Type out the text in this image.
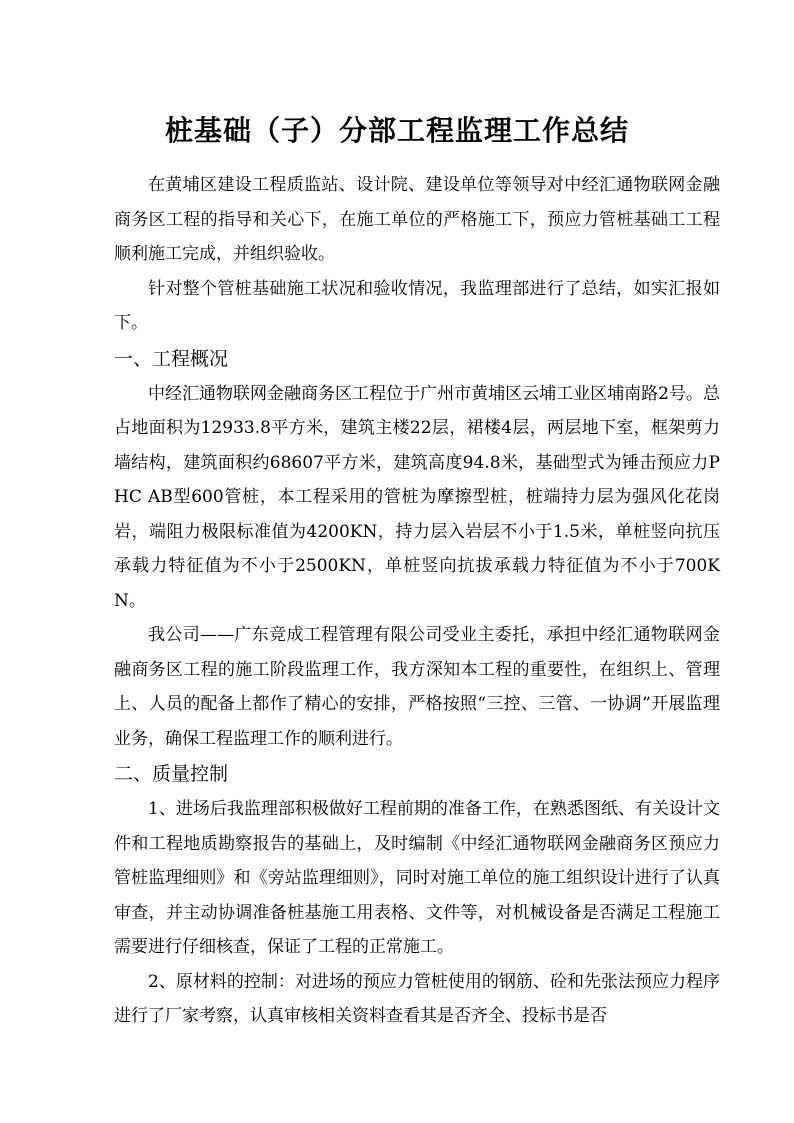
桩基础（子）分部工程监理工作总结

在黄埔区建设工程质监站、设计院、建设单位等领导对中经汇通物联网金融商务区工程的指导和关心下，在施工单位的严格施工下，预应力管桩基础工工程顺利施工完成，并组织验收。

针对整个管桩基础施工状况和验收情况，我监理部进行了总结，如实汇报如下。

一、工程概况

中经汇通物联网金融商务区工程位于广州市黄埔区云埔工业区埔南路2号。总占地面积为12933.8平方米，建筑主楼22层，裙楼4层，两层地下室，框架剪力墙结构，建筑面积约68607平方米，建筑高度94.8米，基础型式为锤击预应力PHC AB型600管桩，本工程采用的管桩为摩擦型桩，桩端持力层为强风化花岗岩，端阻力极限标准值为4200KN，持力层入岩层不小于1.5米，单桩竖向抗压承载力特征值为不小于2500KN，单桩竖向抗拔承载力特征值为不小于700KN。

我公司——广东竞成工程管理有限公司受业主委托，承担中经汇通物联网金融商务区工程的施工阶段监理工作，我方深知本工程的重要性，在组织上、管理上、人员的配备上都作了精心的安排，严格按照“三控、三管、一协调”开展监理业务，确保工程监理工作的顺利进行。

二、质量控制

1、进场后我监理部积极做好工程前期的准备工作，在熟悉图纸、有关设计文件和工程地质勘察报告的基础上，及时编制《中经汇通物联网金融商务区预应力管桩监理细则》和《旁站监理细则》，同时对施工单位的施工组织设计进行了认真审查，并主动协调准备桩基施工用表格、文件等，对机械设备是否满足工程施工需要进行仔细核查，保证了工程的正常施工。

2、原材料的控制：对进场的预应力管桩使用的钢筋、砼和先张法预应力程序进行了厂家考察，认真审核相关资料查看其是否齐全、投标书是否
